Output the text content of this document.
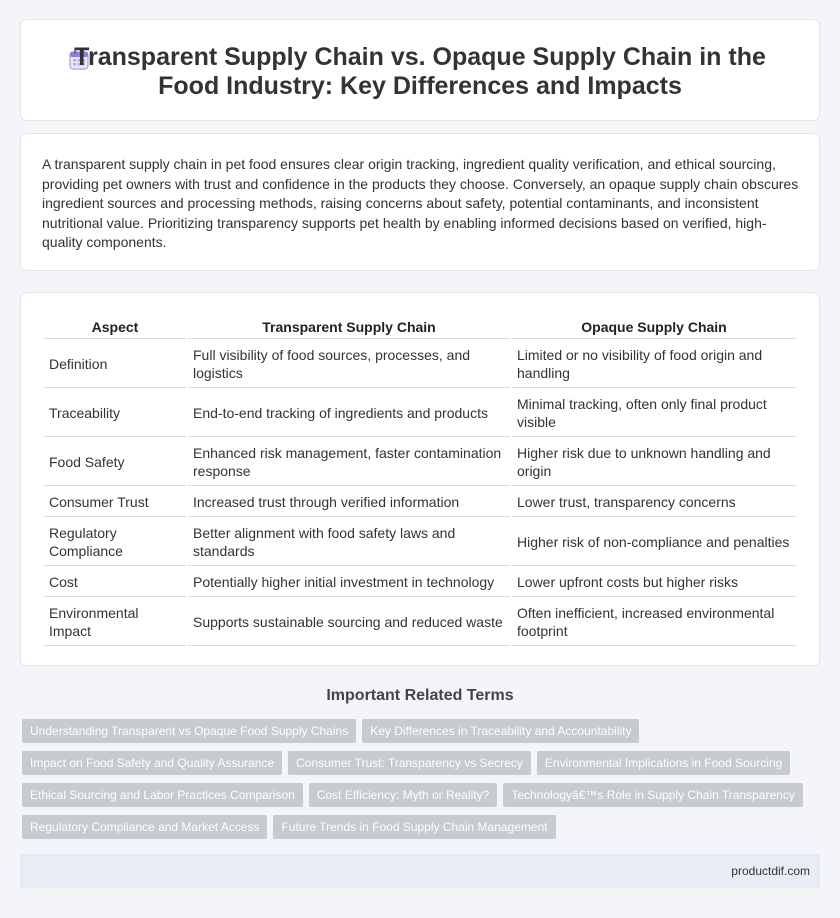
Transparent Supply Chain vs. Opaque Supply Chain in the Food Industry: Key Differences and Impacts

A transparent supply chain in pet food ensures clear origin tracking, ingredient quality verification, and ethical sourcing, providing pet owners with trust and confidence in the products they choose. Conversely, an opaque supply chain obscures ingredient sources and processing methods, raising concerns about safety, potential contaminants, and inconsistent nutritional value. Prioritizing transparency supports pet health by enabling informed decisions based on verified, high-quality components.

Aspect	Transparent Supply Chain	Opaque Supply Chain
Definition	Full visibility of food sources, processes, and logistics	Limited or no visibility of food origin and handling
Traceability	End-to-end tracking of ingredients and products	Minimal tracking, often only final product visible
Food Safety	Enhanced risk management, faster contamination response	Higher risk due to unknown handling and origin
Consumer Trust	Increased trust through verified information	Lower trust, transparency concerns
Regulatory Compliance	Better alignment with food safety laws and standards	Higher risk of non-compliance and penalties
Cost	Potentially higher initial investment in technology	Lower upfront costs but higher risks
Environmental Impact	Supports sustainable sourcing and reduced waste	Often inefficient, increased environmental footprint
Important Related Terms
Understanding Transparent vs Opaque Food Supply Chains Key Differences in Traceability and Accountability
Impact on Food Safety and Quality Assurance Consumer Trust: Transparency vs Secrecy Environmental Implications in Food Sourcing
Ethical Sourcing and Labor Practices Comparison Cost Efficiency: Myth or Reality? Technologyâ€™s Role in Supply Chain Transparency
Regulatory Compliance and Market Access Future Trends in Food Supply Chain Management
productdif.com
